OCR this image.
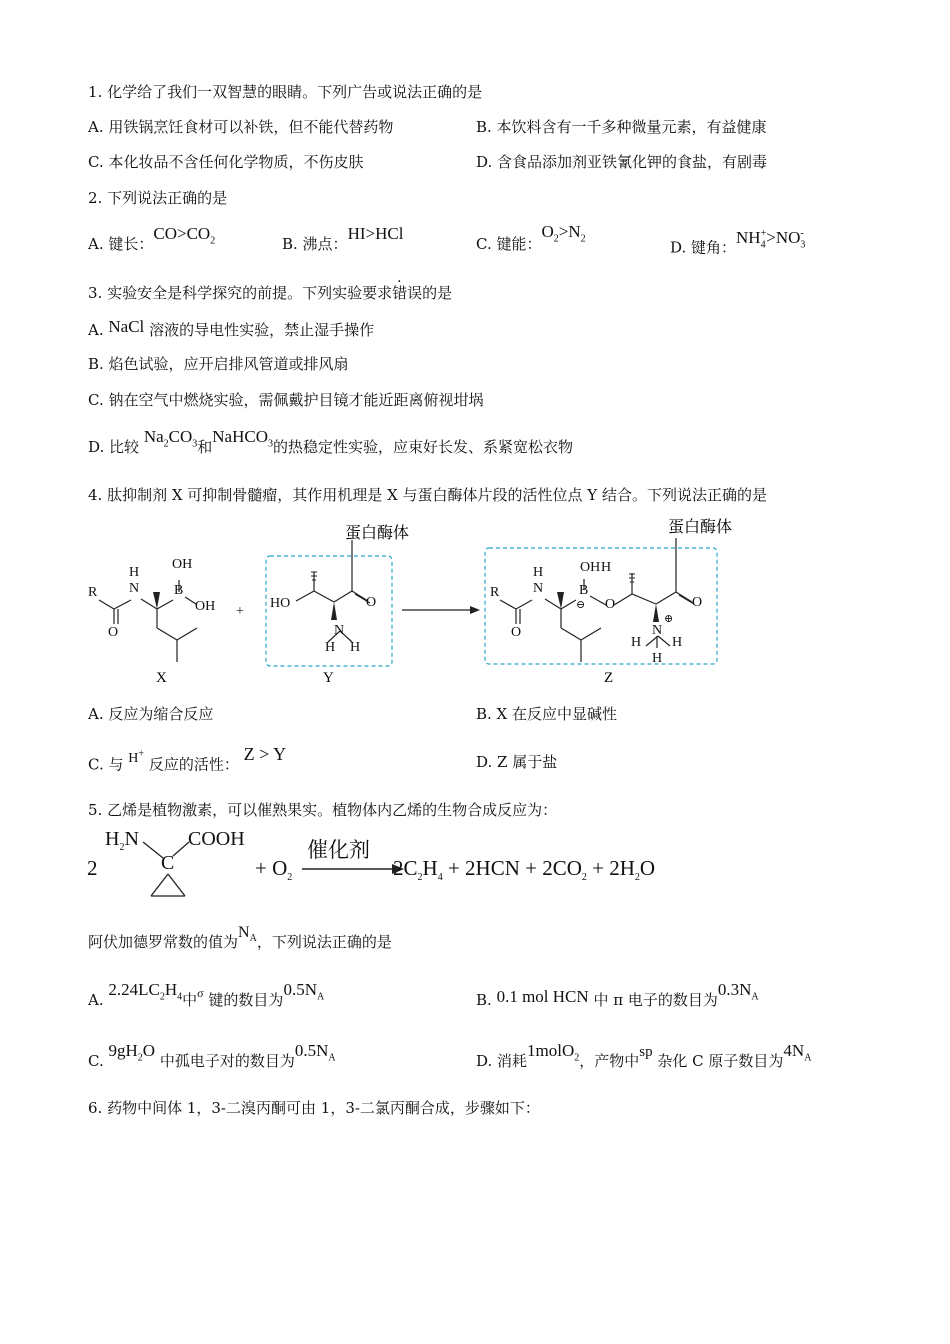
1. 化学给了我们一双智慧的眼睛。下列广告或说法正确的是
A. 用铁锅烹饪食材可以补铁，但不能代替药物	B. 本饮料含有一千多种微量元素，有益健康
C. 本化妆品不含任何化学物质，不伤皮肤	D. 含食品添加剂亚铁氰化钾的食盐，有剧毒
2. 下列说法正确的是
A. 键长：$CO>CO_2$	B. 沸点：HI>HCl
C. 键能：$O_2>N_2$	D. 键角：$NH_4^+>NO_3^-$
3. 实验安全是科学探究的前提。下列实验要求错误的是
A. NaCl 溶液的导电性实验，禁止湿手操作
B. 焰色试验，应开启排风管道或排风扇
C. 钠在空气中燃烧实验，需佩戴护目镜才能近距离俯视坩埚
D. 比较 $Na_2CO_3$和NaHCO$_3$的热稳定性实验，应束好长发、系紧宽松衣物
4. 肽抑制剂 X 可抑制骨髓瘤，其作用机理是 X 与蛋白酶体片段的活性位点 Y 结合。下列说法正确的是
R
H
N
O
OH
B
OH +
HO	O
N
H H
R
H
N
O
B
OH H
⊖ O	O
N
⊕
H H
H
蛋白酶体	蛋白酶体
X	Y	Z
A. 反应为缩合反应	B. X 在反应中显碱性
C. 与 H+ 反应的活性： Z > Y	D. Z 属于盐
5. 乙烯是植物激素，可以催熟果实。植物体内乙烯的生物合成反应为：
2
$H_2N$ COOH
C	+ $O_2$
催化剂
$2C_2H_4 + 2HCN + 2CO_2 + 2H_2O$
阿伏加德罗常数的值为$N_A$，下列说法正确的是
A. $2.24LC_2H_4$中$^\sigma$ 键的数目为$0.5N_A$	B. 0.1 mol HCN 中 π 电子的数目为$0.3N_A$
C. $9gH_2O$ 中孤电子对的数目为$0.5N_A$	D. 消耗1molO$_2$，产物中sp 杂化 C 原子数目为$4N_A$
6. 药物中间体 1，3-二溴丙酮可由 1，3-二氯丙酮合成，步骤如下：
